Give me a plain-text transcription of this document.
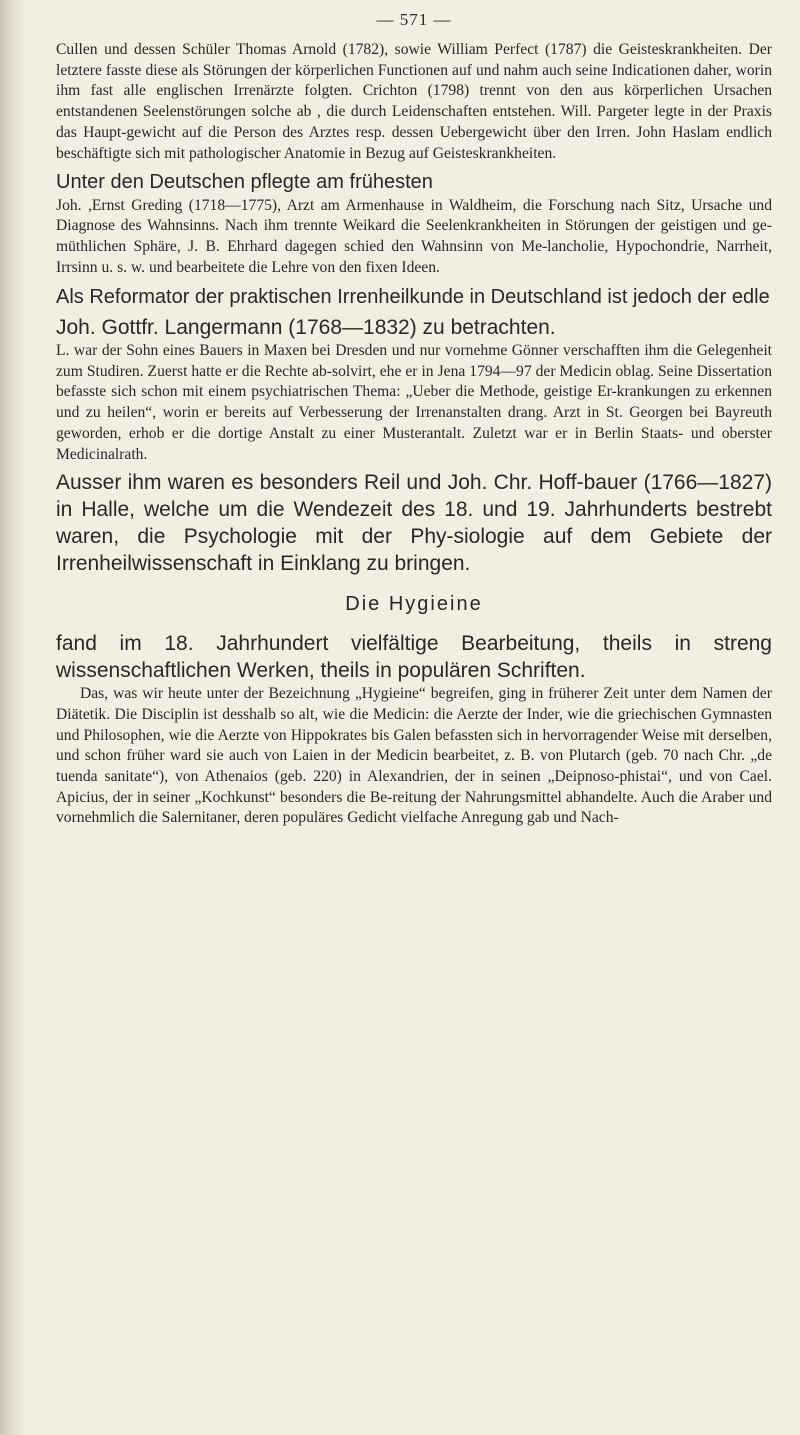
— 571 —

Cullen und dessen Schüler Thomas Arnold (1782), sowie William Perfect (1787) die Geisteskrankheiten. Der letztere fasste diese als Störungen der körperlichen Functionen auf und nahm auch seine Indicationen daher, worin ihm fast alle englischen Irrenärzte folgten. Crichton (1798) trennt von den aus körperlichen Ursachen entstandenen Seelenstörungen solche ab , die durch Leidenschaften entstehen. Will. Pargeter legte in der Praxis das Haupt-gewicht auf die Person des Arztes resp. dessen Uebergewicht über den Irren. John Haslam endlich beschäftigte sich mit pathologischer Anatomie in Bezug auf Geisteskrankheiten.

Unter den Deutschen pflegte am frühesten

Joh. ,Ernst Greding (1718—1775), Arzt am Armenhause in Waldheim, die Forschung nach Sitz, Ursache und Diagnose des Wahnsinns. Nach ihm trennte Weikard die Seelenkrankheiten in Störungen der geistigen und ge-müthlichen Sphäre, J. B. Ehrhard dagegen schied den Wahnsinn von Me-lancholie, Hypochondrie, Narrheit, Irrsinn u. s. w. und bearbeitete die Lehre von den fixen Ideen.

Als Reformator der praktischen Irrenheilkunde in Deutschland ist jedoch der edle

Joh. Gottfr. Langermann (1768—1832) zu betrachten.

L. war der Sohn eines Bauers in Maxen bei Dresden und nur vornehme Gönner verschafften ihm die Gelegenheit zum Studiren. Zuerst hatte er die Rechte ab-solvirt, ehe er in Jena 1794—97 der Medicin oblag. Seine Dissertation befasste sich schon mit einem psychiatrischen Thema: „Ueber die Methode, geistige Er-krankungen zu erkennen und zu heilen“, worin er bereits auf Verbesserung der Irrenanstalten drang. Arzt in St. Georgen bei Bayreuth geworden, erhob er die dortige Anstalt zu einer Musterantalt. Zuletzt war er in Berlin Staats- und oberster Medicinalrath.

Ausser ihm waren es besonders Reil und Joh. Chr. Hoff-bauer (1766—1827) in Halle, welche um die Wendezeit des 18. und 19. Jahrhunderts bestrebt waren, die Psychologie mit der Phy-siologie auf dem Gebiete der Irrenheilwissenschaft in Einklang zu bringen.

Die Hygieine

fand im 18. Jahrhundert vielfältige Bearbeitung, theils in streng wissenschaftlichen Werken, theils in populären Schriften.

Das, was wir heute unter der Bezeichnung „Hygieine“ begreifen, ging in früherer Zeit unter dem Namen der Diätetik. Die Disciplin ist desshalb so alt, wie die Medicin: die Aerzte der Inder, wie die griechischen Gymnasten und Philosophen, wie die Aerzte von Hippokrates bis Galen befassten sich in hervorragender Weise mit derselben, und schon früher ward sie auch von Laien in der Medicin bearbeitet, z. B. von Plutarch (geb. 70 nach Chr. „de tuenda sanitate“), von Athenaios (geb. 220) in Alexandrien, der in seinen „Deipnoso-phistai“, und von Cael. Apicius, der in seiner „Kochkunst“ besonders die Be-reitung der Nahrungsmittel abhandelte. Auch die Araber und vornehmlich die Salernitaner, deren populäres Gedicht vielfache Anregung gab und Nach-
